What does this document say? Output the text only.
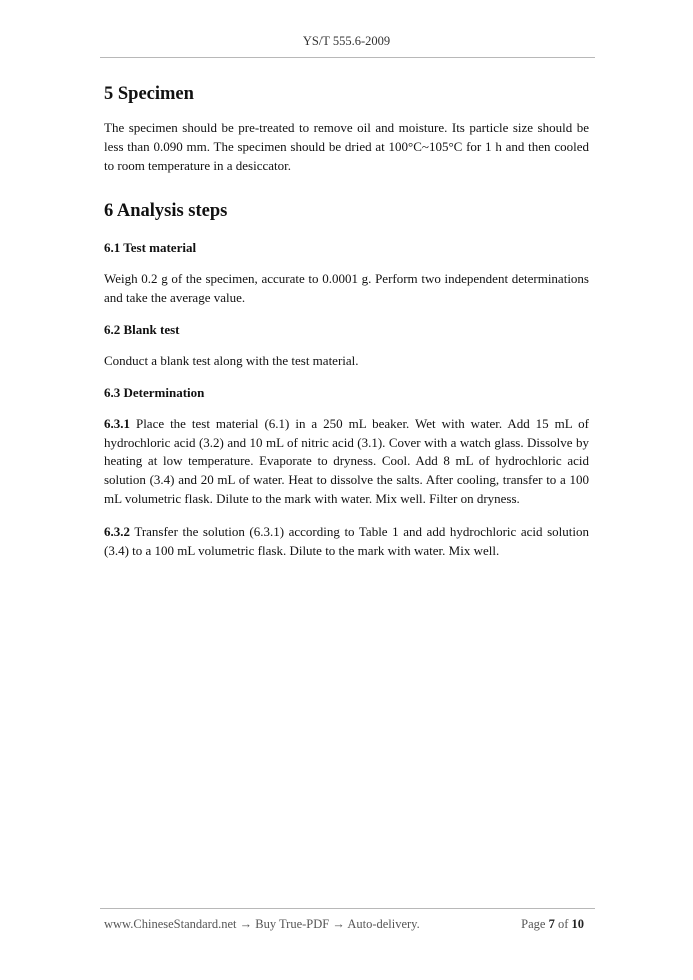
YS/T 555.6-2009
5 Specimen

The specimen should be pre-treated to remove oil and moisture. Its particle size should be less than 0.090 mm. The specimen should be dried at 100°C~105°C for 1 h and then cooled to room temperature in a desiccator.

6 Analysis steps
6.1 Test material

Weigh 0.2 g of the specimen, accurate to 0.0001 g. Perform two independent determinations and take the average value.

6.2 Blank test

Conduct a blank test along with the test material.

6.3 Determination

6.3.1 Place the test material (6.1) in a 250 mL beaker. Wet with water. Add 15 mL of hydrochloric acid (3.2) and 10 mL of nitric acid (3.1). Cover with a watch glass. Dissolve by heating at low temperature. Evaporate to dryness. Cool. Add 8 mL of hydrochloric acid solution (3.4) and 20 mL of water. Heat to dissolve the salts. After cooling, transfer to a 100 mL volumetric flask. Dilute to the mark with water. Mix well. Filter on dryness.

6.3.2 Transfer the solution (6.3.1) according to Table 1 and add hydrochloric acid solution (3.4) to a 100 mL volumetric flask. Dilute to the mark with water. Mix well.

www.ChineseStandard.net → Buy True-PDF → Auto-delivery.	Page 7 of 10
